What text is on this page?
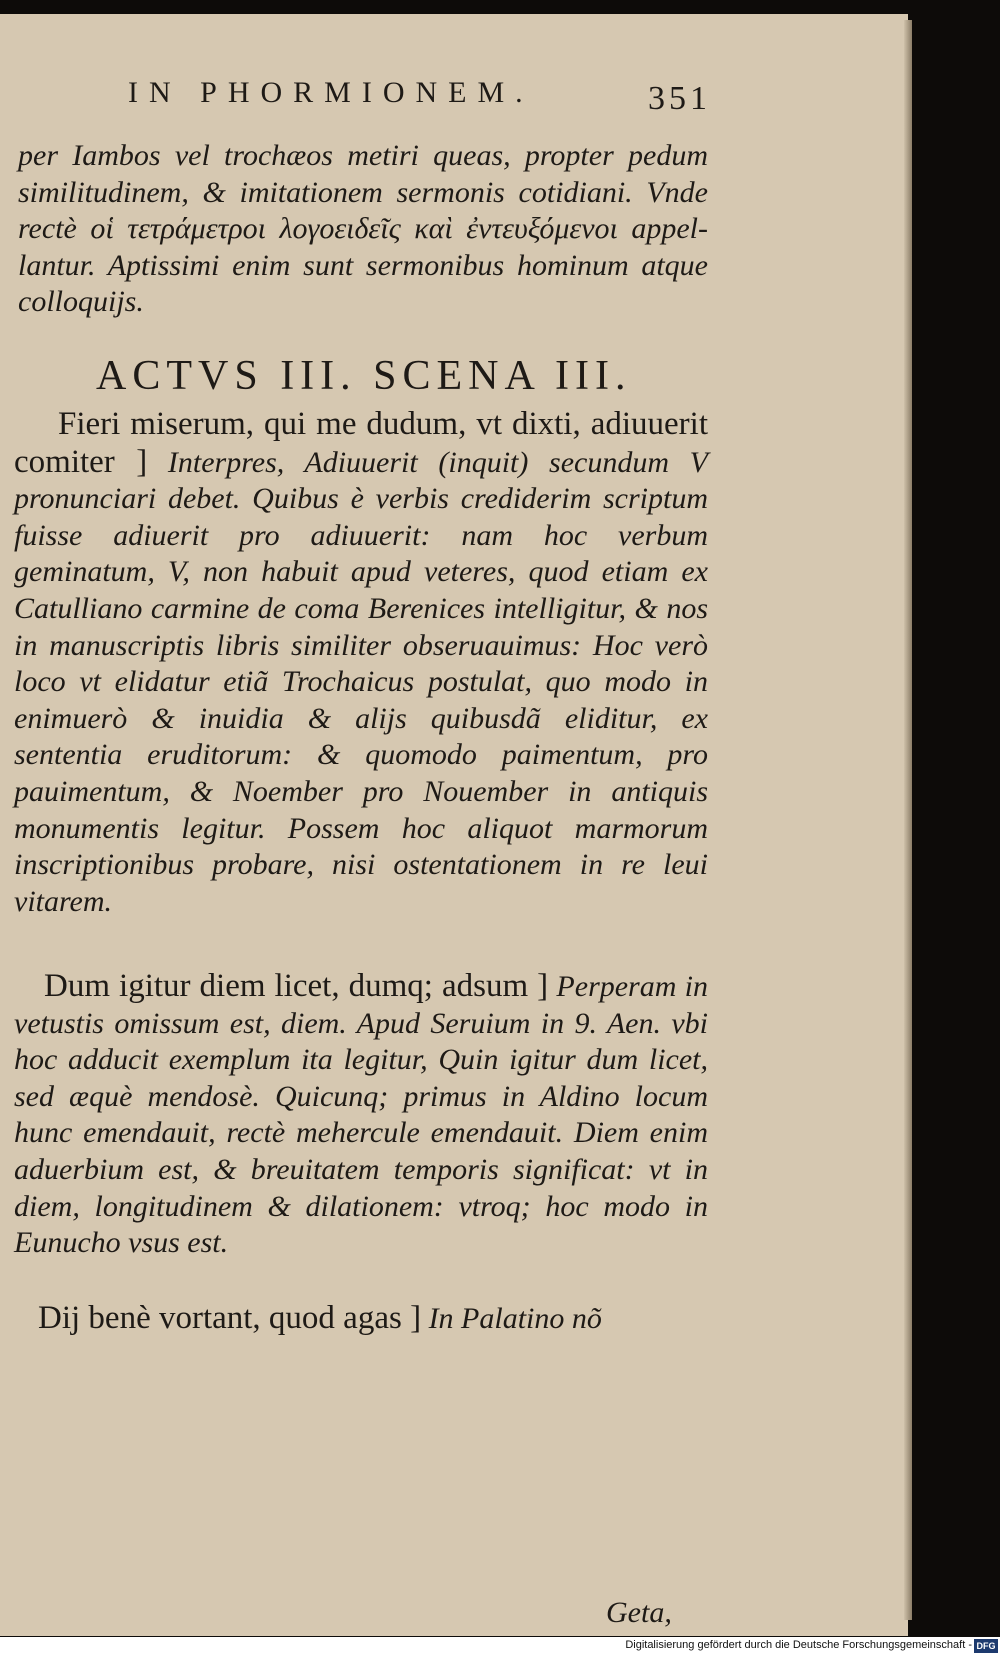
IN PHORMIONEM.	351
per Iambos vel trochæos metiri queas, propter pedum
similitudinem, & imitationem sermonis cotidiani. Vnde
rectè οἱ τετράμετροι λογοειδεῖς καὶ ἐντευξόμενοι appel-
lantur. Aptissimi enim sunt sermonibus hominum atque
colloquijs.
ACTVS III. SCENA III.
Fieri miserum, qui me dudum, vt dixti, adiuuerit comiter ] Interpres, Adiuuerit (inquit) secundum V pronunciari debet. Quibus è verbis crediderim scriptum fuisse adiuerit pro adiuuerit: nam hoc verbum geminatum, V, non habuit apud veteres, quod etiam ex Catulliano carmine de coma Berenices intelligitur, & nos in manuscriptis libris similiter obseruauimus: Hoc verò loco vt elidatur etiã Trochaicus postulat, quo modo in enimuerò & inuidia & alijs quibusdã eliditur, ex sententia eruditorum: & quomodo paimentum, pro pauimentum, & Noember pro Nouember in antiquis monumentis legitur. Possem hoc aliquot marmorum inscriptionibus probare, nisi ostentationem in re leui vitarem.
Dum igitur diem licet, dumq; adsum ] Perperam in vetustis omissum est, diem. Apud Seruium in 9. Aen. vbi hoc adducit exemplum ita legitur, Quin igitur dum licet, sed æquè mendosè. Quicunq; primus in Aldino locum hunc emendauit, rectè mehercule emendauit. Diem enim aduerbium est, & breuitatem temporis significat: vt in diem, longitudinem & dilationem: vtroq; hoc modo in Eunucho vsus est.
Dij benè vortant, quod agas ] In Palatino nõ
Geta,
Digitalisierung gefördert durch die Deutsche Forschungsgemeinschaft - DFG
